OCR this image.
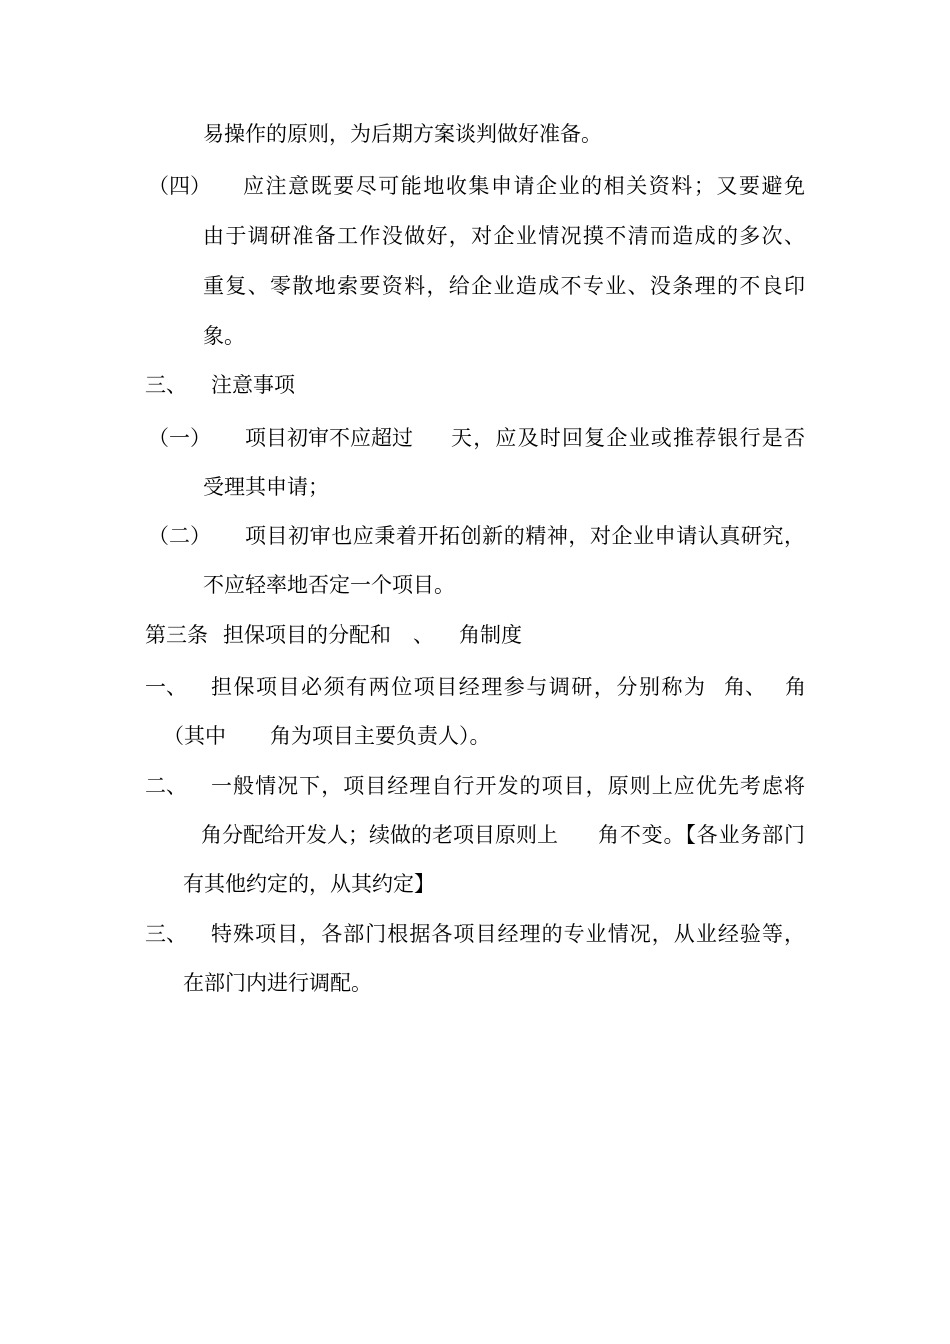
易操作的原则，为后期方案谈判做好准备。

（四） 应注意既要尽可能地收集申请企业的相关资料；又要避免

由于调研准备工作没做好，对企业情况摸不清而造成的多次、

重复、零散地索要资料，给企业造成不专业、没条理的不良印

象。

三、 注意事项

（一） 项目初审不应超过 天，应及时回复企业或推荐银行是否

受理其申请；

（二） 项目初审也应秉着开拓创新的精神，对企业申请认真研究，

不应轻率地否定一个项目。

第三条 担保项目的分配和 、 角制度

一、 担保项目必须有两位项目经理参与调研，分别称为 角、 角

（其中 角为项目主要负责人）。

二、 一般情况下，项目经理自行开发的项目，原则上应优先考虑将

角分配给开发人；续做的老项目原则上 角不变。【各业务部门

有其他约定的，从其约定】

三、 特殊项目，各部门根据各项目经理的专业情况，从业经验等，

在部门内进行调配。
